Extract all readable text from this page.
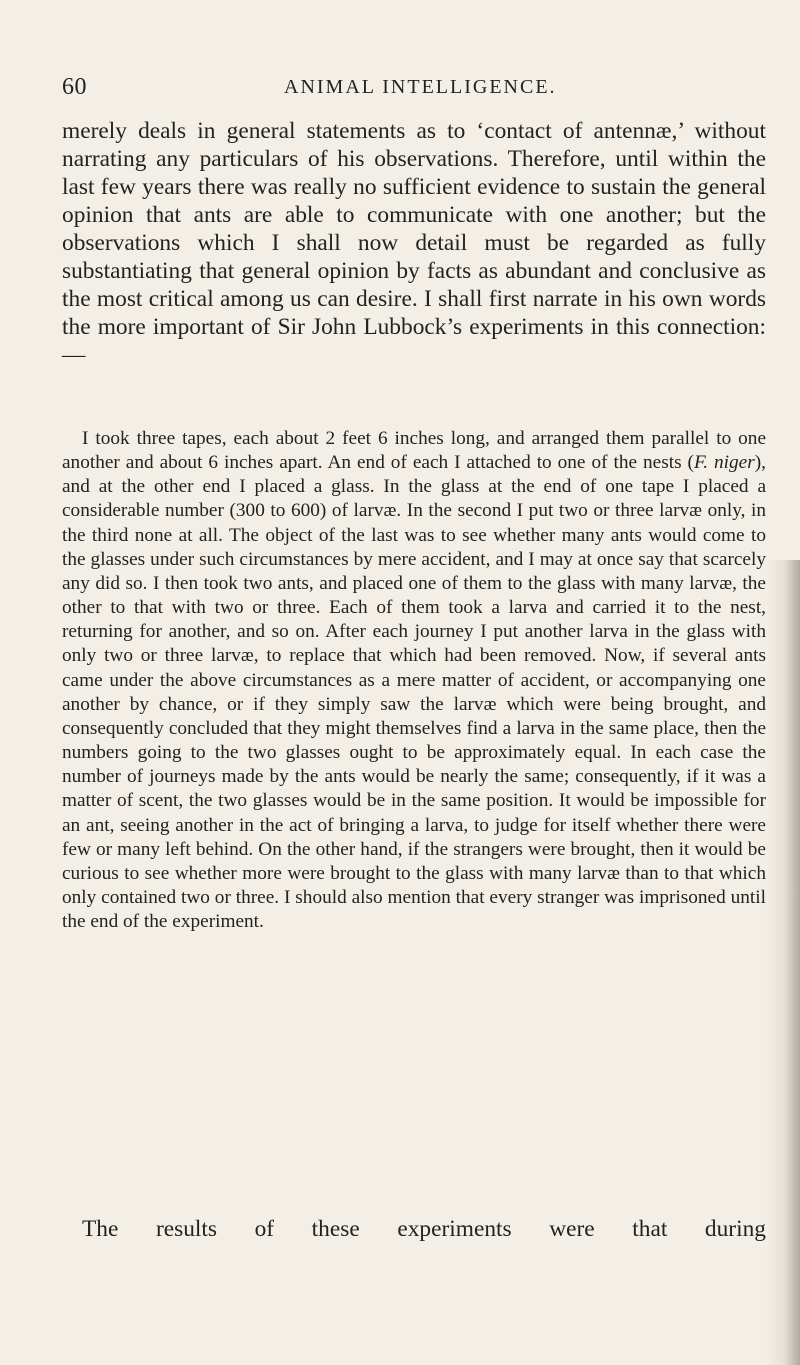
60	ANIMAL INTELLIGENCE.

merely deals in general statements as to ‘contact of antennæ,’ without narrating any particulars of his observations. Therefore, until within the last few years there was really no sufficient evidence to sustain the general opinion that ants are able to communicate with one another; but the observations which I shall now detail must be regarded as fully substantiating that general opinion by facts as abundant and conclusive as the most critical among us can desire. I shall first narrate in his own words the more important of Sir John Lubbock’s experiments in this connection:—

I took three tapes, each about 2 feet 6 inches long, and arranged them parallel to one another and about 6 inches apart. An end of each I attached to one of the nests (F. niger), and at the other end I placed a glass. In the glass at the end of one tape I placed a considerable number (300 to 600) of larvæ. In the second I put two or three larvæ only, in the third none at all. The object of the last was to see whether many ants would come to the glasses under such circumstances by mere accident, and I may at once say that scarcely any did so. I then took two ants, and placed one of them to the glass with many larvæ, the other to that with two or three. Each of them took a larva and carried it to the nest, returning for another, and so on. After each journey I put another larva in the glass with only two or three larvæ, to replace that which had been removed. Now, if several ants came under the above circumstances as a mere matter of accident, or accompanying one another by chance, or if they simply saw the larvæ which were being brought, and consequently concluded that they might themselves find a larva in the same place, then the numbers going to the two glasses ought to be approximately equal. In each case the number of journeys made by the ants would be nearly the same; consequently, if it was a matter of scent, the two glasses would be in the same position. It would be impossible for an ant, seeing another in the act of bringing a larva, to judge for itself whether there were few or many left behind. On the other hand, if the strangers were brought, then it would be curious to see whether more were brought to the glass with many larvæ than to that which only contained two or three. I should also mention that every stranger was imprisoned until the end of the experiment.

The results of these experiments were that during
